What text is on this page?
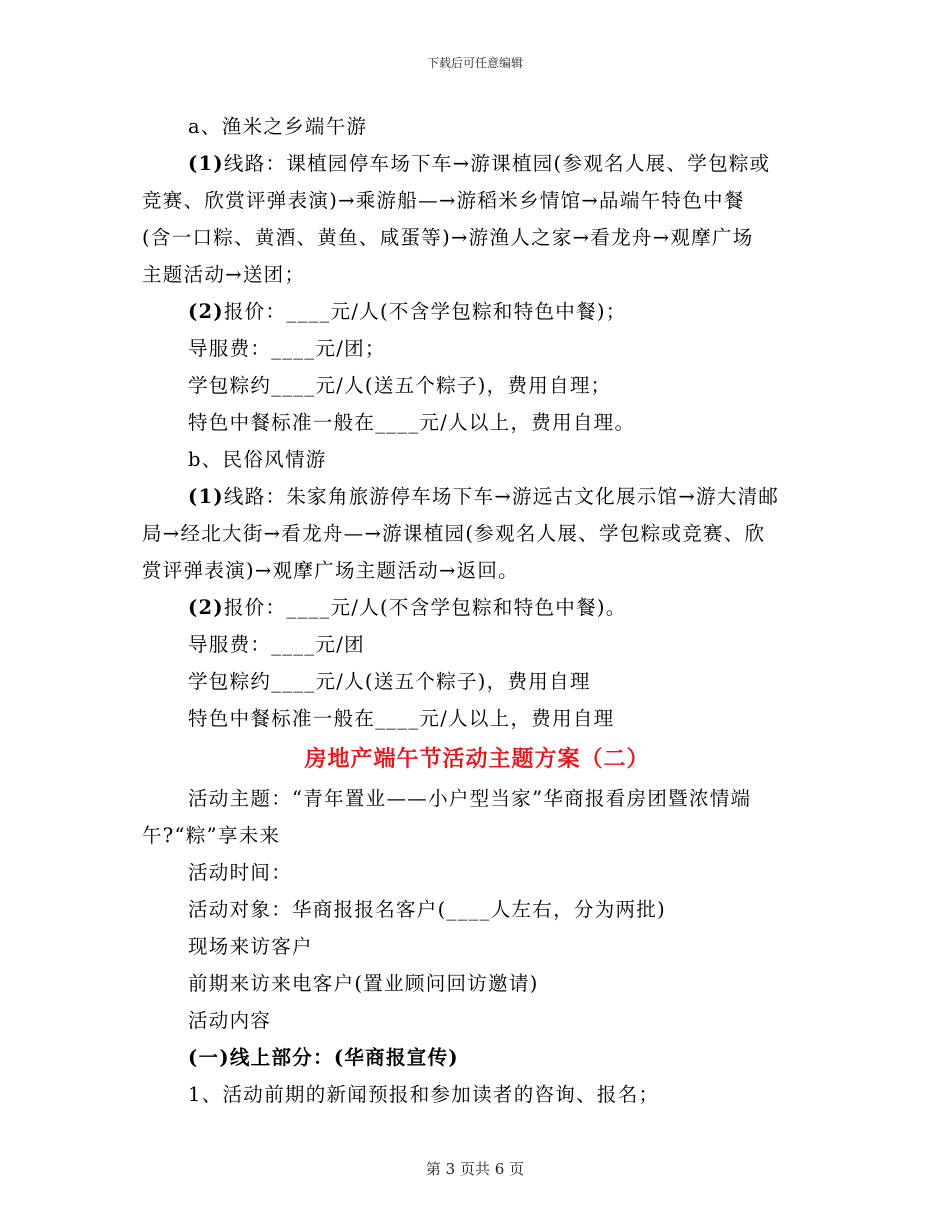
下载后可任意编辑
a、渔米之乡端午游
(1)线路：课植园停车场下车→游课植园(参观名人展、学包粽或
竞赛、欣赏评弹表演)→乘游船—→游稻米乡情馆→品端午特色中餐
(含一口粽、黄酒、黄鱼、咸蛋等)→游渔人之家→看龙舟→观摩广场
主题活动→送团；
(2)报价：____元/人(不含学包粽和特色中餐)；
导服费：____元/团；
学包粽约____元/人(送五个粽子)，费用自理；
特色中餐标准一般在____元/人以上，费用自理。
b、民俗风情游
(1)线路：朱家角旅游停车场下车→游远古文化展示馆→游大清邮
局→经北大街→看龙舟—→游课植园(参观名人展、学包粽或竞赛、欣
赏评弹表演)→观摩广场主题活动→返回。
(2)报价：____元/人(不含学包粽和特色中餐)。
导服费：____元/团
学包粽约____元/人(送五个粽子)，费用自理
特色中餐标准一般在____元/人以上，费用自理
房地产端午节活动主题方案（二）
活动主题：“青年置业——小户型当家”华商报看房团暨浓情端
午?“粽”享未来
活动时间：
活动对象：华商报报名客户(____人左右，分为两批)
现场来访客户
前期来访来电客户(置业顾问回访邀请)
活动内容
(一)线上部分：(华商报宣传)
1、活动前期的新闻预报和参加读者的咨询、报名；
第 3 页共 6 页
